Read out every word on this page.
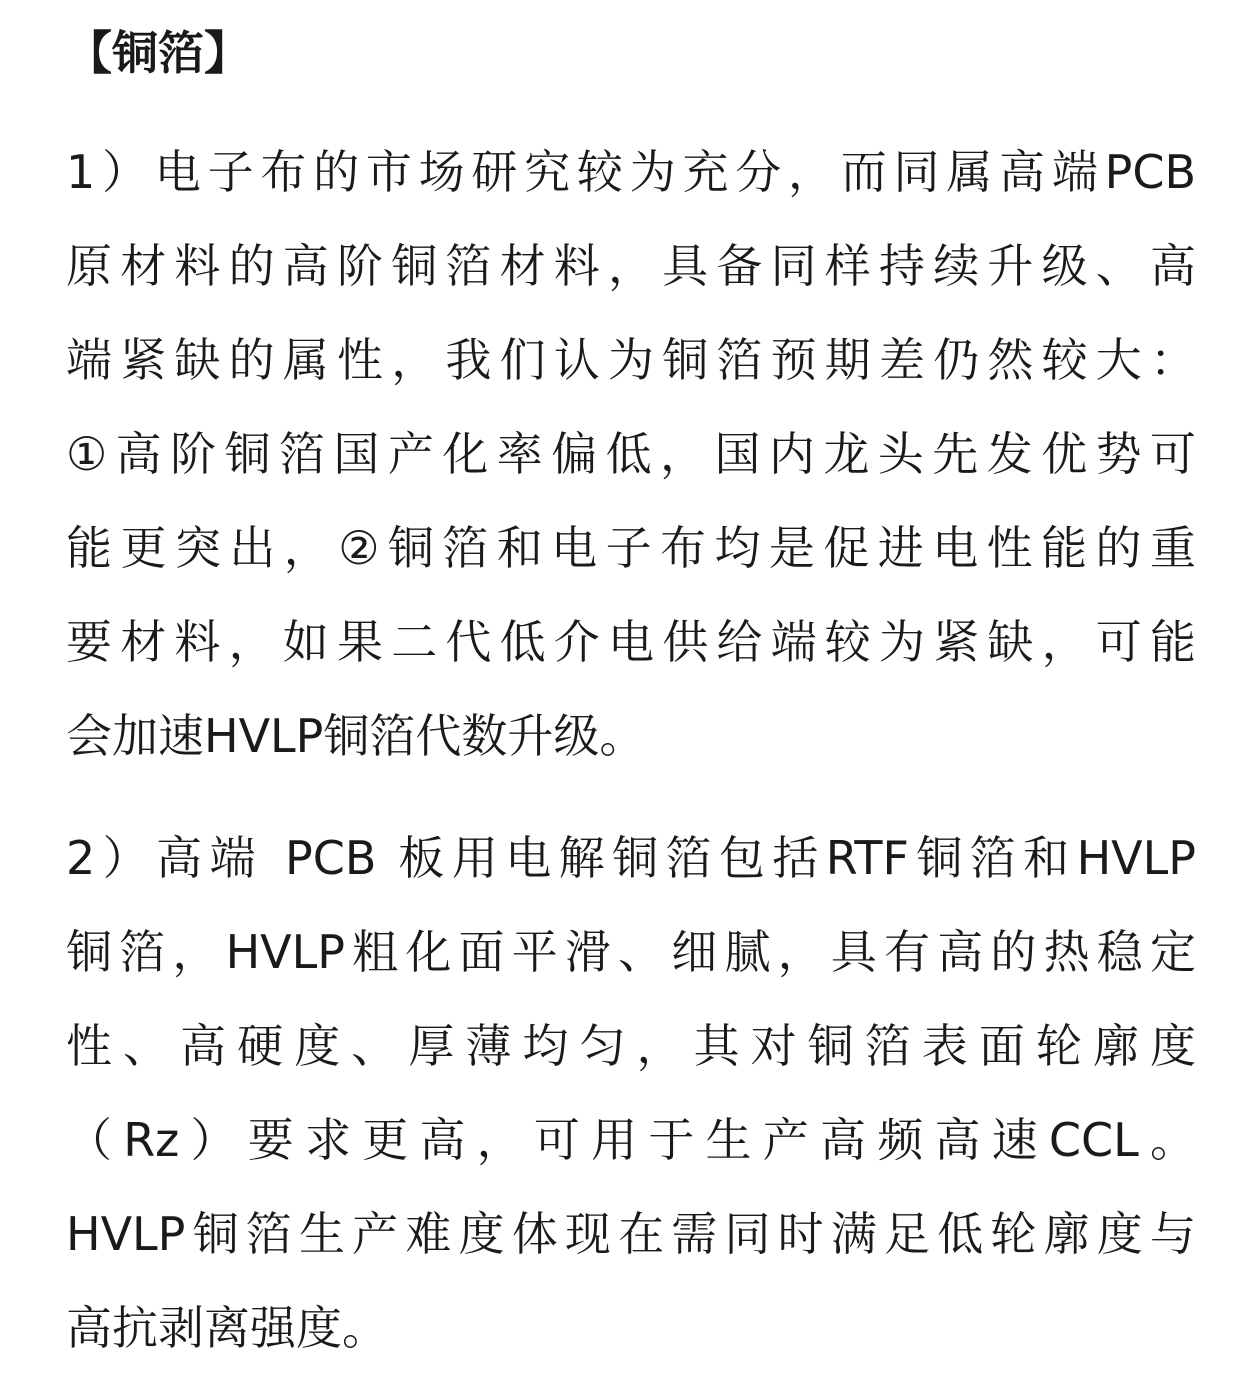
【铜箔】
1）电子布的市场研究较为充分，而同属高端PCB
原材料的高阶铜箔材料，具备同样持续升级、高
端紧缺的属性，我们认为铜箔预期差仍然较大：
①高阶铜箔国产化率偏低，国内龙头先发优势可
能更突出，②铜箔和电子布均是促进电性能的重
要材料，如果二代低介电供给端较为紧缺，可能
会加速HVLP铜箔代数升级。
2）高端 PCB 板用电解铜箔包括RTF铜箔和HVLP
铜箔，HVLP粗化面平滑、细腻，具有高的热稳定
性、高硬度、厚薄均匀，其对铜箔表面轮廓度
（Rz）要求更高，可用于生产高频高速CCL。
HVLP铜箔生产难度体现在需同时满足低轮廓度与
高抗剥离强度。
